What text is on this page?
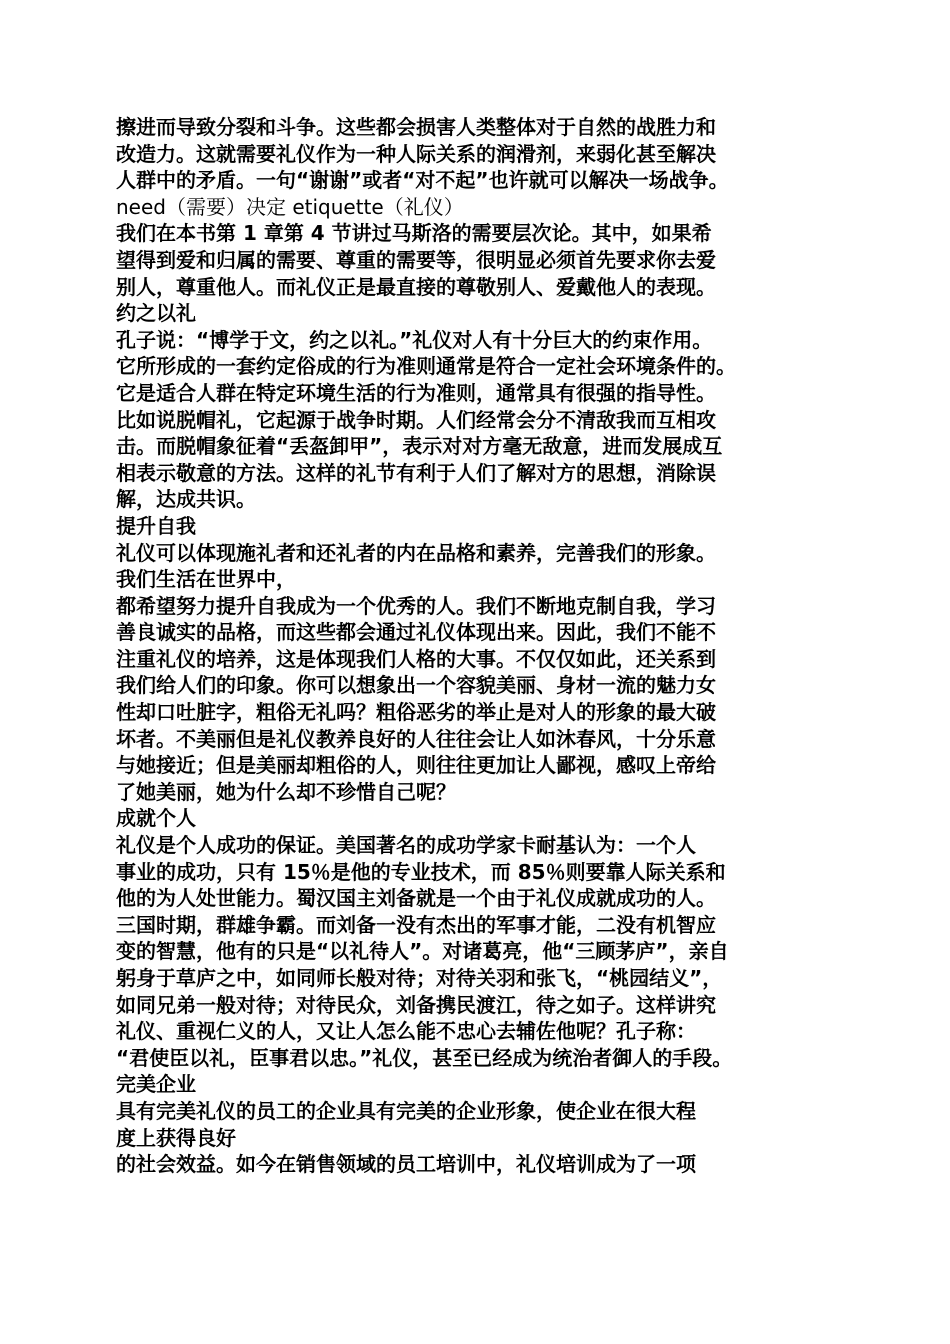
擦进而导致分裂和斗争。这些都会损害人类整体对于自然的战胜力和
改造力。这就需要礼仪作为一种人际关系的润滑剂，来弱化甚至解决
人群中的矛盾。一句“谢谢”或者“对不起”也许就可以解决一场战争。
need（需要）决定 etiquette（礼仪）
我们在本书第 1 章第 4 节讲过马斯洛的需要层次论。其中，如果希
望得到爱和归属的需要、尊重的需要等，很明显必须首先要求你去爱
别人，尊重他人。而礼仪正是最直接的尊敬别人、爱戴他人的表现。
约之以礼
孔子说：“博学于文，约之以礼。”礼仪对人有十分巨大的约束作用。
它所形成的一套约定俗成的行为准则通常是符合一定社会环境条件的。
它是适合人群在特定环境生活的行为准则，通常具有很强的指导性。
比如说脱帽礼，它起源于战争时期。人们经常会分不清敌我而互相攻
击。而脱帽象征着“丢盔卸甲”，表示对对方毫无敌意，进而发展成互
相表示敬意的方法。这样的礼节有利于人们了解对方的思想，消除误
解，达成共识。
提升自我
礼仪可以体现施礼者和还礼者的内在品格和素养，完善我们的形象。
我们生活在世界中，
都希望努力提升自我成为一个优秀的人。我们不断地克制自我，学习
善良诚实的品格，而这些都会通过礼仪体现出来。因此，我们不能不
注重礼仪的培养，这是体现我们人格的大事。不仅仅如此，还关系到
我们给人们的印象。你可以想象出一个容貌美丽、身材一流的魅力女
性却口吐脏字，粗俗无礼吗？粗俗恶劣的举止是对人的形象的最大破
坏者。不美丽但是礼仪教养良好的人往往会让人如沐春风，十分乐意
与她接近；但是美丽却粗俗的人，则往往更加让人鄙视，感叹上帝给
了她美丽，她为什么却不珍惜自己呢？
成就个人
礼仪是个人成功的保证。美国著名的成功学家卡耐基认为：一个人
事业的成功，只有 15％是他的专业技术，而 85％则要靠人际关系和
他的为人处世能力。蜀汉国主刘备就是一个由于礼仪成就成功的人。
三国时期，群雄争霸。而刘备一没有杰出的军事才能，二没有机智应
变的智慧，他有的只是“以礼待人”。对诸葛亮，他“三顾茅庐”，亲自
躬身于草庐之中，如同师长般对待；对待关羽和张飞，“桃园结义”，
如同兄弟一般对待；对待民众，刘备携民渡江，待之如子。这样讲究
礼仪、重视仁义的人，又让人怎么能不忠心去辅佐他呢？孔子称：
“君使臣以礼，臣事君以忠。”礼仪，甚至已经成为统治者御人的手段。
完美企业
具有完美礼仪的员工的企业具有完美的企业形象，使企业在很大程
度上获得良好
的社会效益。如今在销售领域的员工培训中，礼仪培训成为了一项
